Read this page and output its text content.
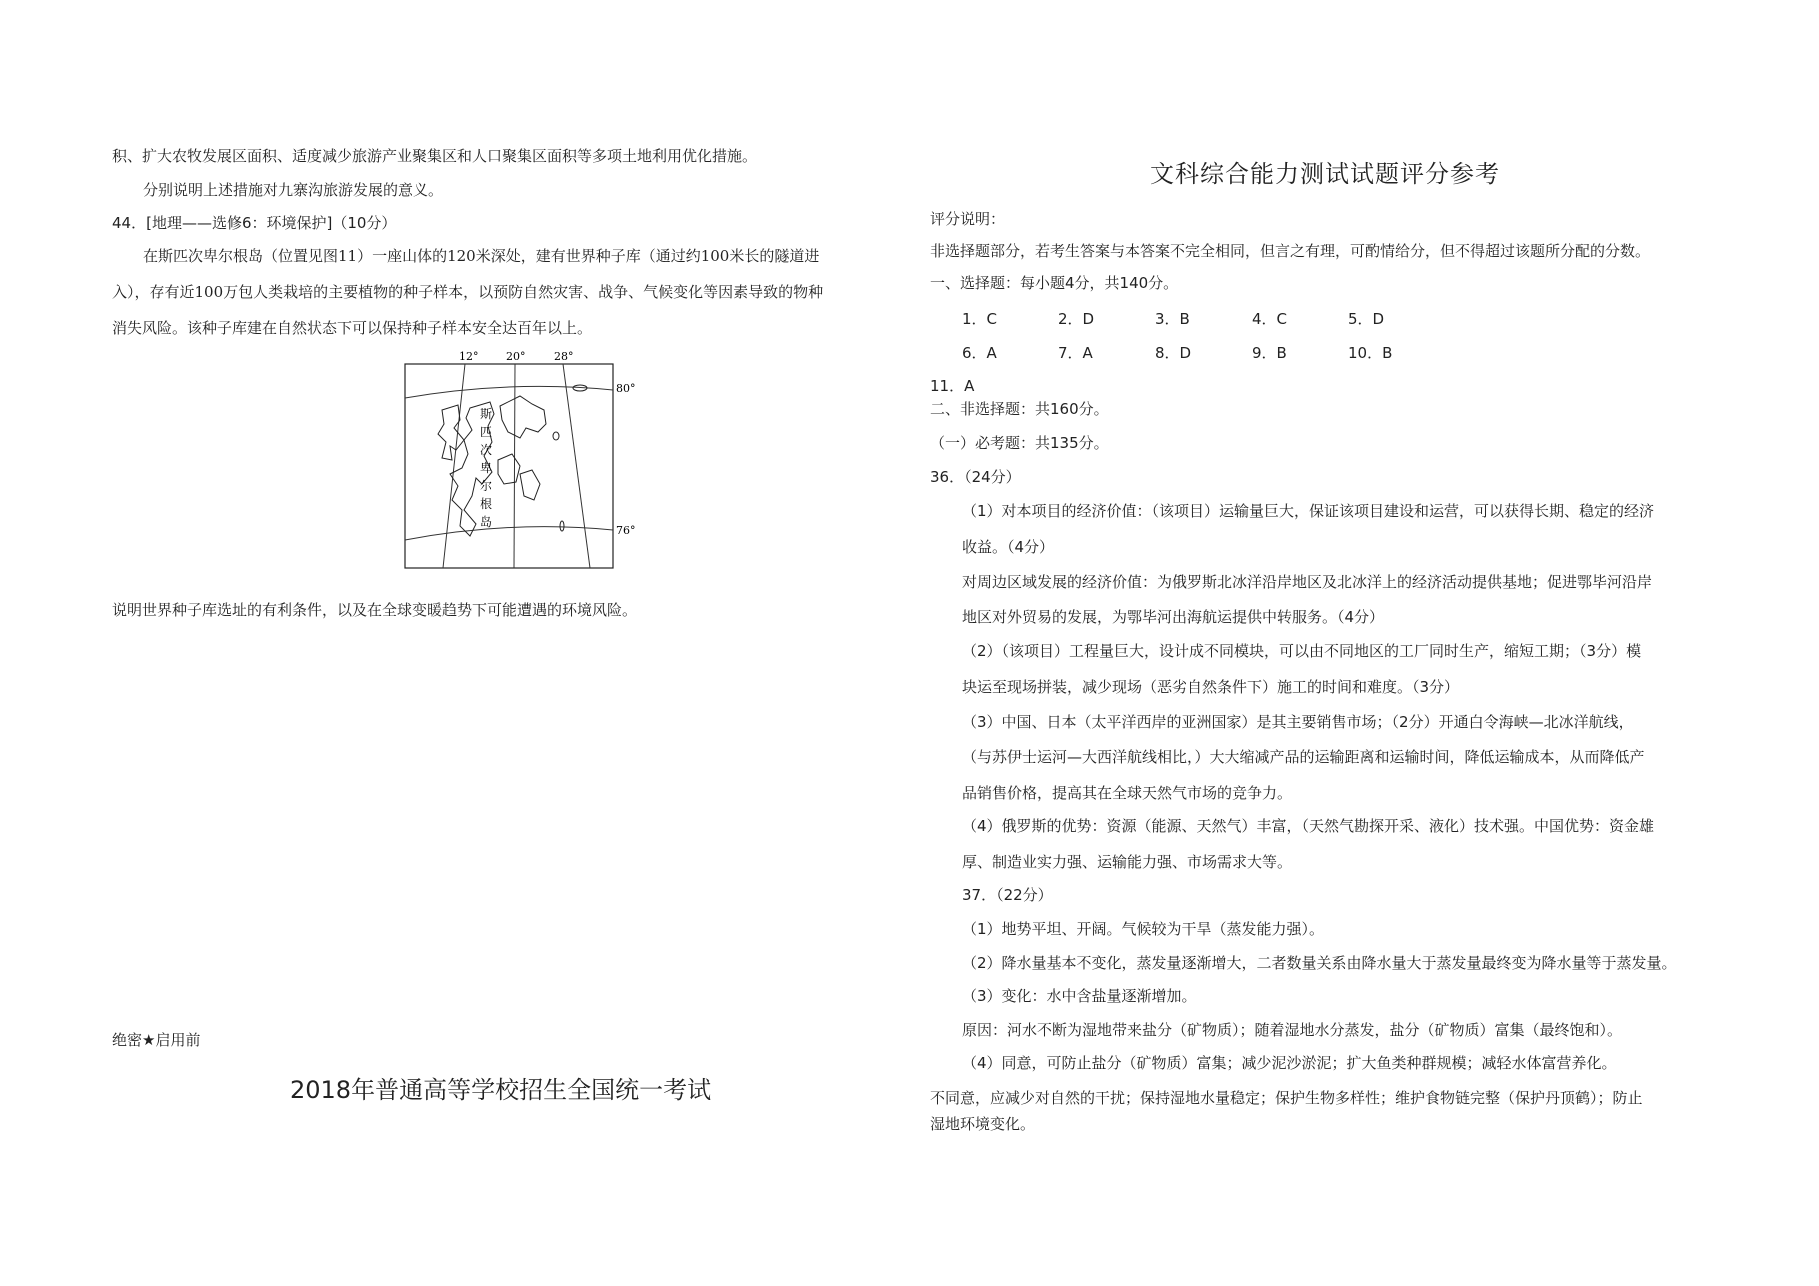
积、扩大农牧发展区面积、适度减少旅游产业聚集区和人口聚集区面积等多项土地利用优化措施。
分别说明上述措施对九寨沟旅游发展的意义。
44．[地理——选修6：环境保护]（10分）
在斯匹次卑尔根岛（位置见图11）一座山体的120米深处，建有世界种子库（通过约100米长的隧道进
入），存有近100万包人类栽培的主要植物的种子样本，以预防自然灾害、战争、气候变化等因素导致的物种
消失风险。该种子库建在自然状态下可以保持种子样本安全达百年以上。
12°	20°	28°
80°
76°
斯
匹
次
卑
尔
根
岛
说明世界种子库选址的有利条件，以及在全球变暖趋势下可能遭遇的环境风险。
绝密★启用前
2018年普通高等学校招生全国统一考试
文科综合能力测试试题评分参考
评分说明：
非选择题部分，若考生答案与本答案不完全相同，但言之有理，可酌情给分，但不得超过该题所分配的分数。
一、选择题：每小题4分，共140分。
1．C	2．D	3．B	4．C	5．D
6．A	7．A	8．D	9．B	10．B
11．A
二、非选择题：共160分。
（一）必考题：共135分。
36．（24分）
（1）对本项目的经济价值：（该项目）运输量巨大，保证该项目建设和运营，可以获得长期、稳定的经济
收益。（4分）
对周边区域发展的经济价值：为俄罗斯北冰洋沿岸地区及北冰洋上的经济活动提供基地；促进鄂毕河沿岸
地区对外贸易的发展，为鄂毕河出海航运提供中转服务。（4分）
（2）（该项目）工程量巨大，设计成不同模块，可以由不同地区的工厂同时生产，缩短工期；（3分）模
块运至现场拼装，减少现场（恶劣自然条件下）施工的时间和难度。（3分）
（3）中国、日本（太平洋西岸的亚洲国家）是其主要销售市场；（2分）开通白令海峡—北冰洋航线，
（与苏伊士运河—大西洋航线相比，）大大缩减产品的运输距离和运输时间，降低运输成本，从而降低产
品销售价格，提高其在全球天然气市场的竞争力。
（4）俄罗斯的优势：资源（能源、天然气）丰富，（天然气勘探开采、液化）技术强。中国优势：资金雄
厚、制造业实力强、运输能力强、市场需求大等。
37．（22分）
（1）地势平坦、开阔。气候较为干旱（蒸发能力强）。
（2）降水量基本不变化，蒸发量逐渐增大，二者数量关系由降水量大于蒸发量最终变为降水量等于蒸发量。
（3）变化：水中含盐量逐渐增加。
原因：河水不断为湿地带来盐分（矿物质）；随着湿地水分蒸发，盐分（矿物质）富集（最终饱和）。
（4）同意，可防止盐分（矿物质）富集；减少泥沙淤泥；扩大鱼类种群规模；减轻水体富营养化。
不同意，应减少对自然的干扰；保持湿地水量稳定；保护生物多样性；维护食物链完整（保护丹顶鹤）；防止
湿地环境变化。
